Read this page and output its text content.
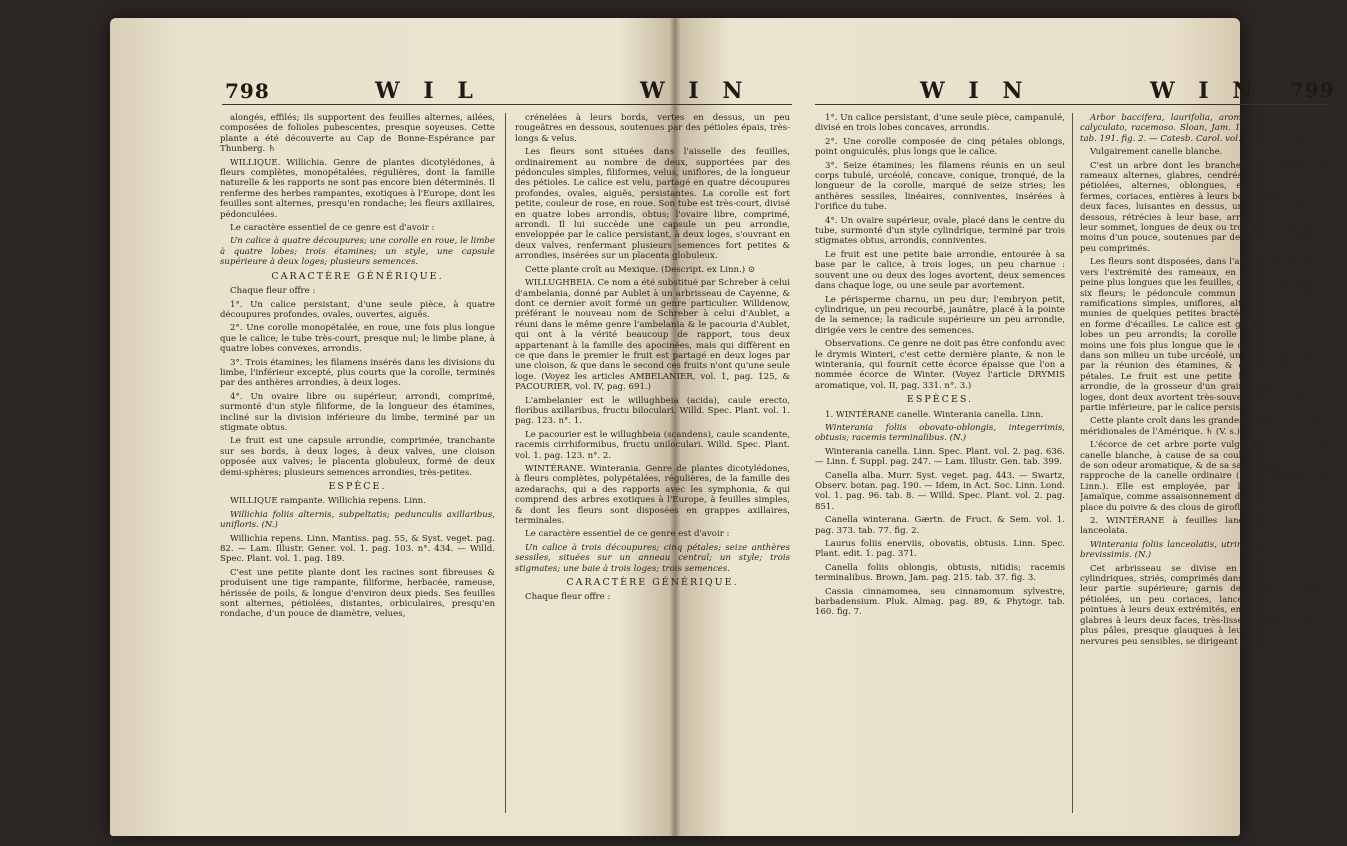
798	W I L	W I N	W I N	W I N 799

alongés, effilés; ils supportent des feuilles alternes, ailées, composées de folioles pubescentes, presque soyeuses. Cette plante a été découverte au Cap de Bonne-Espérance par Thunberg. ♄

WILLIQUE. Willichia. Genre de plantes dicotylédones, à fleurs complètes, monopétalées, régulières, dont la famille naturelle & les rapports ne sont pas encore bien déterminés. Il renferme des herbes rampantes, exotiques à l'Europe, dont les feuilles sont alternes, presqu'en rondache; les fleurs axillaires, pédonculées.

Le caractère essentiel de ce genre est d'avoir :

Un calice à quatre découpures; une corolle en roue, le limbe à quatre lobes; trois étamines; un style, une capsule supérieure à deux loges; plusieurs semences.

CARACTÈRE GÉNÉRIQUE.

Chaque fleur offre :

1°. Un calice persistant, d'une seule pièce, à quatre découpures profondes, ovales, ouvertes, aiguës.

2°. Une corolle monopétalée, en roue, une fois plus longue que le calice; le tube très-court, presque nul; le limbe plane, à quatre lobes convexes, arrondis.

3°. Trois étamines; les filamens insérés dans les divisions du limbe, l'inférieur excepté, plus courts que la corolle, terminés par des anthères arrondies, à deux loges.

4°. Un ovaire libre ou supérieur, arrondi, comprimé, surmonté d'un style filiforme, de la longueur des étamines, incliné sur la division inférieure du limbe, terminé par un stigmate obtus.

Le fruit est une capsule arrondie, comprimée, tranchante sur ses bords, à deux loges, à deux valves, une cloison opposée aux valves; le placenta globuleux, formé de deux demi-sphères; plusieurs semences arrondies, très-petites.

ESPÈCE.

WILLIQUE rampante. Willichia repens. Linn.

Willichia foliis alternis, subpeltatis; pedunculis axillaribus, unifloris. (N.)

Willichia repens. Linn. Mantiss. pag. 55, & Syst. veget. pag. 82. — Lam. Illustr. Gener. vol. 1. pag. 103. n°. 434. — Willd. Spec. Plant. vol. 1. pag. 189.

C'est une petite plante dont les racines sont fibreuses & produisent une tige rampante, filiforme, herbacée, rameuse, hérissée de poils, & longue d'environ deux pieds. Ses feuilles sont alternes, pétiolées, distantes, orbiculaires, presqu'en rondache, d'un pouce de diamètre, velues,

crénelées à leurs bords, vertes en dessus, un peu rougeâtres en dessous, soutenues par des pétioles épais, très-longs & velus.

Les fleurs sont situées dans l'aisselle des feuilles, ordinairement au nombre de deux, supportées par des pédoncules simples, filiformes, velus, uniflores, de la longueur des pétioles. Le calice est velu, partagé en quatre découpures profondes, ovales, aiguës, persistantes. La corolle est fort petite, couleur de rose, en roue. Son tube est très-court, divisé en quatre lobes arrondis, obtus; l'ovaire libre, comprimé, arrondi. Il lui succède une capsule un peu arrondie, enveloppée par le calice persistant, à deux loges, s'ouvrant en deux valves, renfermant plusieurs semences fort petites & arrondies, insérées sur un placenta globuleux.

Cette plante croît au Mexique. (Descript. ex Linn.) ⊙

WILLUGHBEIA. Ce nom a été substitué par Schreber à celui d'ambelania, donné par Aublet à un arbrisseau de Cayenne, & dont ce dernier avoit formé un genre particulier. Willdenow, préférant le nouveau nom de Schreber à celui d'Aublet, a réuni dans le même genre l'ambelania & le pacouria d'Aublet, qui ont à la vérité beaucoup de rapport, tous deux appartenant à la famille des apocinées, mais qui diffèrent en ce que dans le premier le fruit est partagé en deux loges par une cloison, & que dans le second ces fruits n'ont qu'une seule loge. (Voyez les articles AMBELANIER, vol. 1, pag. 125, & PACOURIER, vol. IV, pag. 691.)

L'ambelanier est le willughbeia (acida), caule erecto, floribus axillaribus, fructu biloculari. Willd. Spec. Plant. vol. 1. pag. 123. n°. 1.

Le pacourier est le willughbeia (scandens), caule scandente, racemis cirrhiformibus, fructu uniloculari. Willd. Spec. Plant. vol. 1. pag. 123. n°. 2.

WINTÉRANE. Winterania. Genre de plantes dicotylédones, à fleurs complètes, polypétalées, régulières, de la famille des azedarachs, qui a des rapports avec les symphonia, & qui comprend des arbres exotiques à l'Europe, à feuilles simples, & dont les fleurs sont disposées en grappes axillaires, terminales.

Le caractère essentiel de ce genre est d'avoir :

Un calice à trois découpures; cinq pétales; seize anthères sessiles, situées sur un anneau central; un style; trois stigmates; une baie à trois loges; trois semences.

CARACTÈRE GÉNÉRIQUE.

Chaque fleur offre :

1°. Un calice persistant, d'une seule pièce, campanulé, divisé en trois lobes concaves, arrondis.

2°. Une corolle composée de cinq pétales oblongs, point onguiculés, plus longs que le calice.

3°. Seize étamines; les filamens réunis en un seul corps tubulé, urcéolé, concave, conique, tronqué, de la longueur de la corolle, marqué de seize stries; les anthères sessiles, linéaires, conniventes, insérées à l'orifice du tube.

4°. Un ovaire supérieur, ovale, placé dans le centre du tube, surmonté d'un style cylindrique, terminé par trois stigmates obtus, arrondis, conniventes.

Le fruit est une petite baie arrondie, entourée à sa base par le calice, à trois loges, un peu charnue : souvent une ou deux des loges avortent, deux semences dans chaque loge, ou une seule par avortement.

Le périsperme charnu, un peu dur; l'embryon petit, cylindrique, un peu recourbé, jaunâtre, placé à la pointe de la semence; la radicule supérieure un peu arrondie, dirigée vers le centre des semences.

Observations. Ce genre ne doit pas être confondu avec le drymis Winteri, c'est cette dernière plante, & non le winterania, qui fournit cette écorce épaisse que l'on a nommée écorce de Winter. (Voyez l'article DRYMIS aromatique, vol. II, pag. 331. n°. 3.)

ESPÈCES.

1. WINTÉRANE canelle. Winterania canella. Linn.

Winterania foliis obovato-oblongis, integerrimis, obtusis; racemis terminalibus. (N.)

Winterania canella. Linn. Spec. Plant. vol. 2. pag. 636. — Linn. f. Suppl. pag. 247. — Lam. Illustr. Gen. tab. 399.

Canella alba. Murr. Syst. veget. pag. 443. — Swartz, Observ. botan. pag. 190. — Idem, in Act. Soc. Linn. Lond. vol. 1. pag. 96. tab. 8. — Willd. Spec. Plant. vol. 2. pag. 851.

Canella winterana. Gærtn. de Fruct. & Sem. vol. 1. pag. 373. tab. 77. fig. 2.

Laurus foliis enerviis, obovatis, obtusis. Linn. Spec. Plant. edit. 1. pag. 371.

Canella foliis oblongis, obtusis, nitidis; racemis terminalibus. Brown, Jam. pag. 215. tab. 37. fig. 3.

Cassia cinnamomea, seu cinnamomum sylvestre, barbadensium. Pluk. Almag. pag. 89, & Phytogr. tab. 160. fig. 7.

Arbor baccifera, laurifolia, aromatica, fructu viridi, calyculato, racemoso. Sloan, Jam. 165. hist. 2. pag. 87. tab. 191. fig. 2. — Catesb. Carol. vol. 1. pag. 50. tab. 50.

Vulgairement canelle blanche.

C'est un arbre dont les branches sont chargées de rameaux alternes, glabres, cendrés, garnis de feuilles pétiolées, alternes, oblongues, en ovale renversé, fermes, coriaces, entières à leurs bords, glabres à leurs deux faces, luisantes en dessus, un peu plus pâles en dessous, rétrécies à leur base, arrondies & obtuses à leur sommet, longues de deux ou trois pouces, larges au moins d'un pouce, soutenues par des pétioles courts, un peu comprimés.

Les fleurs sont disposées, dans l'aisselle des feuilles & vers l'extrémité des rameaux, en grappes simples, à peine plus longues que les feuilles, chargées de quatre à six fleurs; le pédoncule commun divisé en quelques ramifications simples, uniflores, alternes ou opposées, munies de quelques petites bractées courtes, obtuses, en forme d'écailles. Le calice est glabre, court, à trois lobes un peu arrondis; la corolle blanche, petite, au moins une fois plus longue que le calice; elle renferme dans son milieu un tube urcéolé, un peu conique, formé par la réunion des étamines, & de la longueur des pétales. Le fruit est une petite baie ovale, un peu arrondie, de la grosseur d'un grain de poivre, à trois loges, dont deux avortent très-souvent, environnée, à sa partie inférieure, par le calice persistant.

Cette plante croît dans les grandes forêts des contrées méridionales de l'Amérique. ♄ (V. s.)

L'écorce de cet arbre porte vulgairement le nom de canelle blanche, à cause de sa couleur d'un blanc-sale, de son odeur aromatique, & de sa saveur piquante qui la rapproche de la canelle ordinaire (laurus cinnamomum Linn.). Elle est employée, par les habitans de la Jamaïque, comme assaisonnement dans les ragoûts, à la place du poivre & des clous de girofle.

2. WINTÉRANE à feuilles lancéolées. Winterania lanceolata.

Winterania foliis lanceolatis, utrinque acutis; racemis brevissimis. (N.)

Cet arbrisseau se divise en rameaux glabres, cylindriques, striés, comprimés dans leur jeunesse, vers leur partie supérieure; garnis de feuilles opposées, pétiolées, un peu coriaces, lancéolées, rétrécies & pointues à leurs deux extrémités, entières à leurs bords, glabres à leurs deux faces, très-lisses, vertes en dessus, plus pâles, presque glauques à leur face inférieure, à nervures peu sensibles, se dirigeant vers le sommet des
